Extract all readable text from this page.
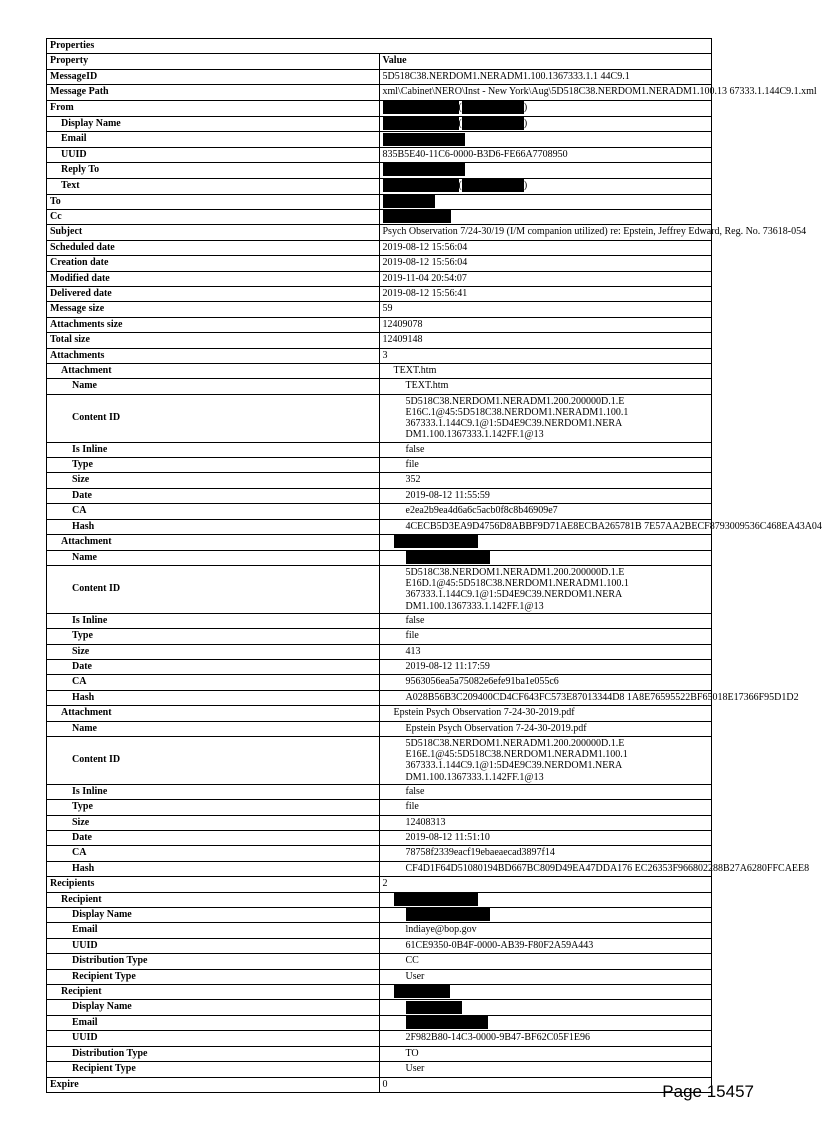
Properties	
Property	Value
MessageID	5D518C38.NERDOM1.NERADM1.100.1367333.1.1 44C9.1
Message Path	xml\Cabinet\NERO\Inst - New York\Aug\5D518C38.NERDOM1.NERADM1.100.13 67333.1.144C9.1.xml
From	( )
Display Name	( )
Email	
UUID	835B5E40-11C6-0000-B3D6-FE66A7708950
Reply To	
Text	( )
To	
Cc	
Subject	Psych Observation 7/24-30/19 (I/M companion utilized) re: Epstein, Jeffrey Edward, Reg. No. 73618-054
Scheduled date	2019-08-12 15:56:04
Creation date	2019-08-12 15:56:04
Modified date	2019-11-04 20:54:07
Delivered date	2019-08-12 15:56:41
Message size	59
Attachments size	12409078
Total size	12409148
Attachments	3
Attachment	TEXT.htm
Name	TEXT.htm
Content ID	5D518C38.NERDOM1.NERADM1.200.200000D.1.E
E16C.1@45:5D518C38.NERDOM1.NERADM1.100.1
367333.1.144C9.1@1:5D4E9C39.NERDOM1.NERA DM1.100.1367333.1.142FF.1@13

Is Inline	false
Type	file
Size	352
Date	2019-08-12 11:55:59
CA	e2ea2b9ea4d6a6c5acb0f8c8b46909e7
Hash	4CECB5D3EA9D4756D8ABBF9D71AE8ECBA265781B 7E57AA2BECF8793009536C468EA43A04
Attachment	
Name	
Content ID	5D518C38.NERDOM1.NERADM1.200.200000D.1.E
E16D.1@45:5D518C38.NERDOM1.NERADM1.100.1
367333.1.144C9.1@1:5D4E9C39.NERDOM1.NERA DM1.100.1367333.1.142FF.1@13

Is Inline	false
Type	file
Size	413
Date	2019-08-12 11:17:59
CA	9563056ea5a75082e6efe91ba1e055c6
Hash	A028B56B3C209400CD4CF643FC573E87013344D8 1A8E76595522BF65018E17366F95D1D2
Attachment	Epstein Psych Observation 7-24-30-2019.pdf
Name	Epstein Psych Observation 7-24-30-2019.pdf
Content ID	5D518C38.NERDOM1.NERADM1.200.200000D.1.E
E16E.1@45:5D518C38.NERDOM1.NERADM1.100.1
367333.1.144C9.1@1:5D4E9C39.NERDOM1.NERA DM1.100.1367333.1.142FF.1@13

Is Inline	false
Type	file
Size	12408313
Date	2019-08-12 11:51:10
CA	78758f2339eacf19ebaeaecad3897f14
Hash	CF4D1F64D51080194BD667BC809D49EA47DDA176 EC26353F966802288B27A6280FFCAEE8
Recipients	2
Recipient	
Display Name	
Email	lndiaye@bop.gov
UUID	61CE9350-0B4F-0000-AB39-F80F2A59A443
Distribution Type	CC
Recipient Type	User
Recipient	
Display Name	
Email	
UUID	2F982B80-14C3-0000-9B47-BF62C05F1E96
Distribution Type	TO
Recipient Type	User
Expire	0	Page 15457
